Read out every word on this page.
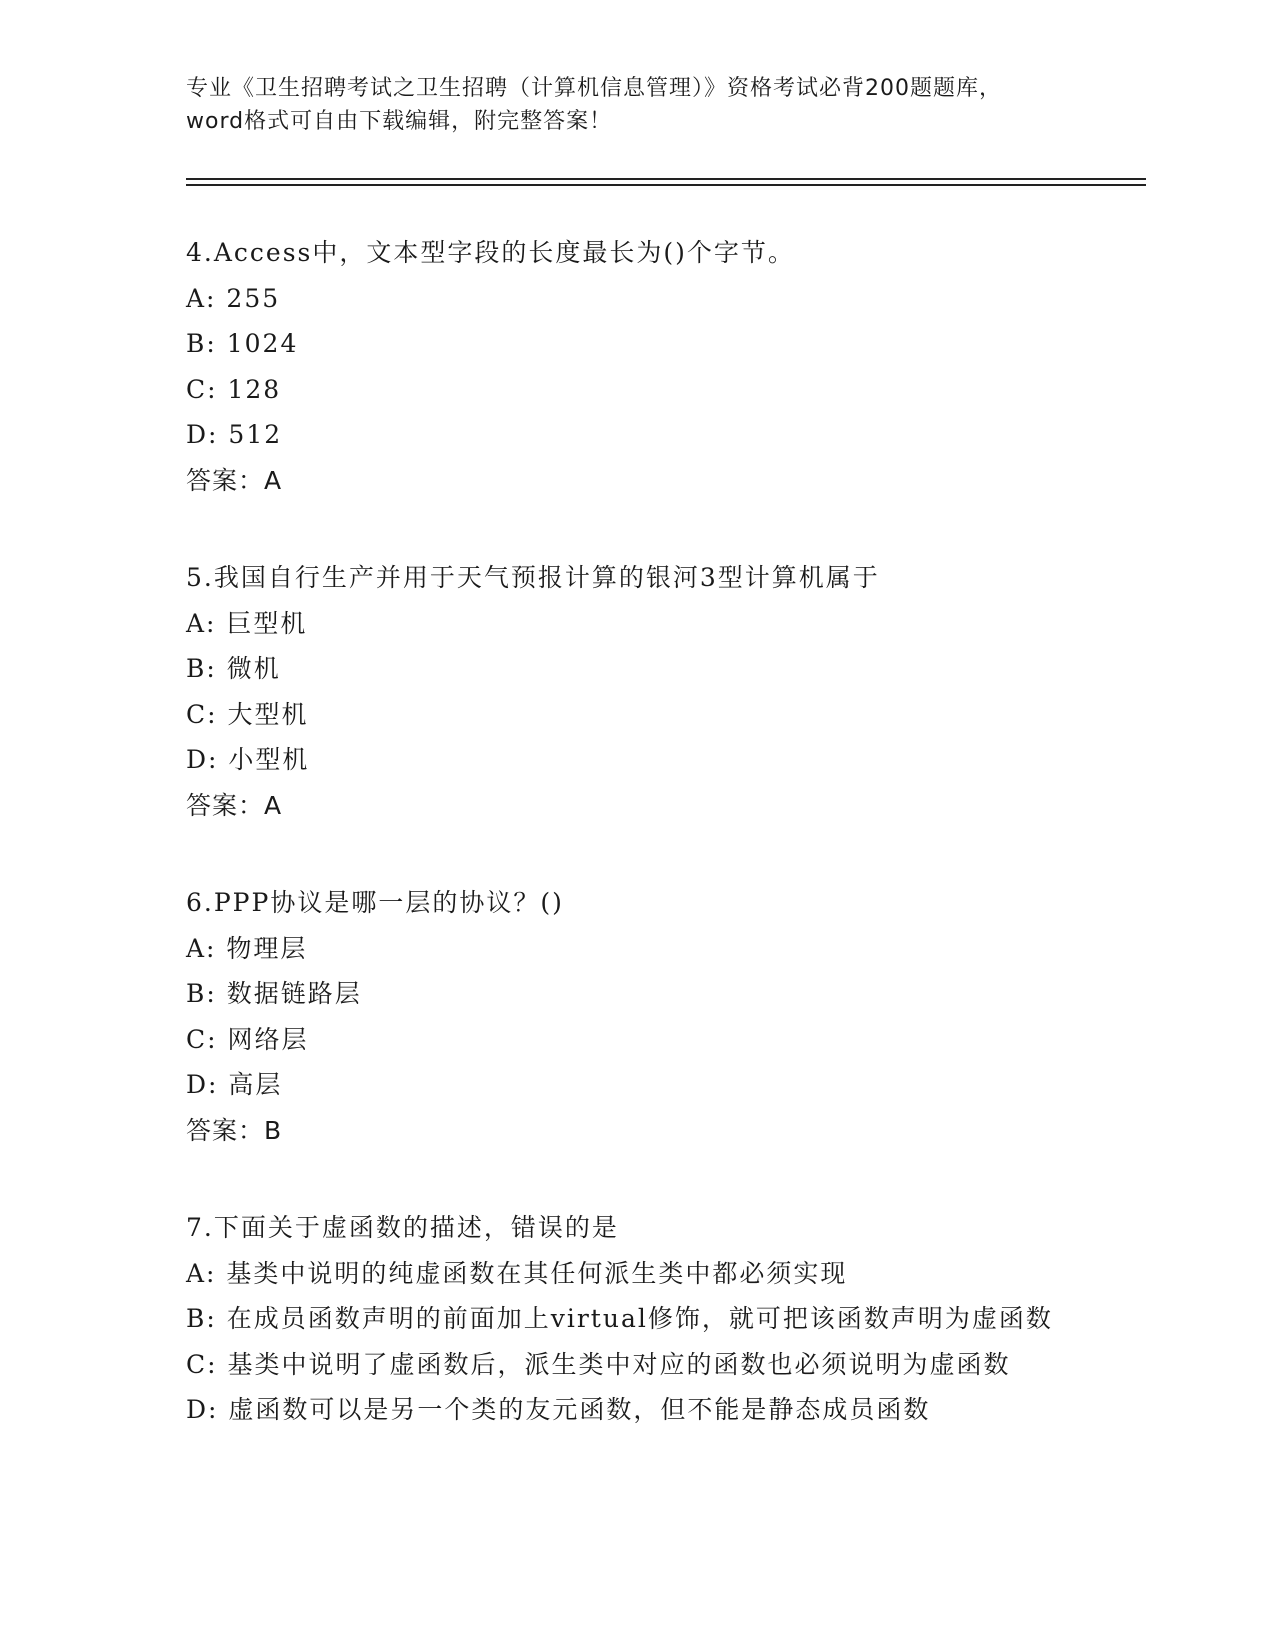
专业《卫生招聘考试之卫生招聘（计算机信息管理）》资格考试必背200题题库，
word格式可自由下载编辑，附完整答案！
4.Access中，文本型字段的长度最长为()个字节。
A: 255
B: 1024
C: 128
D: 512
答案：A
5.我国自行生产并用于天气预报计算的银河3型计算机属于
A: 巨型机
B: 微机
C: 大型机
D: 小型机
答案：A
6.PPP协议是哪一层的协议？()
A: 物理层
B: 数据链路层
C: 网络层
D: 高层
答案：B
7.下面关于虚函数的描述，错误的是
A: 基类中说明的纯虚函数在其任何派生类中都必须实现
B: 在成员函数声明的前面加上virtual修饰，就可把该函数声明为虚函数
C: 基类中说明了虚函数后，派生类中对应的函数也必须说明为虚函数
D: 虚函数可以是另一个类的友元函数，但不能是静态成员函数
